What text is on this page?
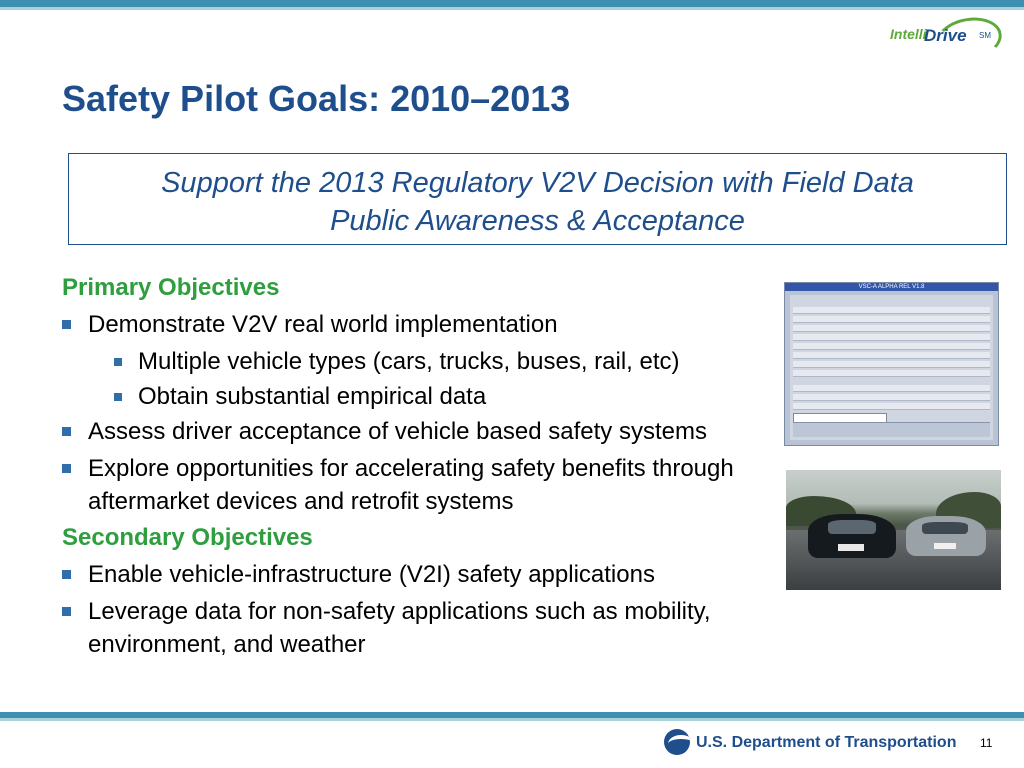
Intelli
Drive SM
Safety Pilot Goals: 2010–2013
Support the 2013 Regulatory V2V Decision with Field Data
Public Awareness & Acceptance
Primary Objectives
Demonstrate V2V real world implementation
Multiple vehicle types (cars, trucks, buses, rail, etc)
Obtain substantial empirical data
Assess driver acceptance of vehicle based safety systems
Explore opportunities for accelerating safety benefits through aftermarket devices and retrofit systems
Secondary Objectives
Enable vehicle-infrastructure (V2I) safety applications
Leverage data for non-safety applications such as mobility, environment, and weather
VSC-A ALPHA REL V1.8
U.S. Department of Transportation 11
